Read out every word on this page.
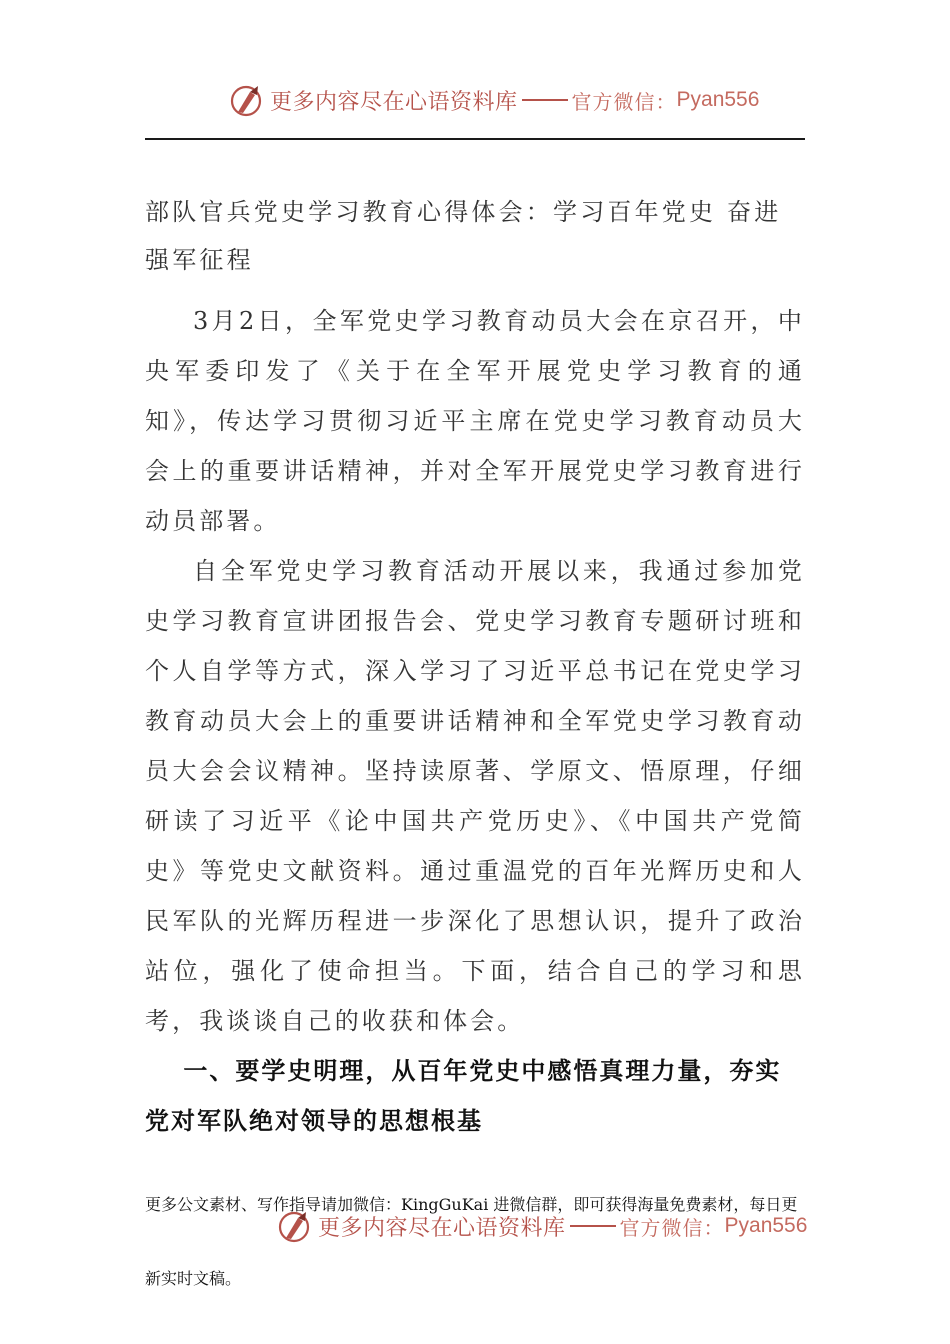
更多内容尽在心语资料库	官方微信： Pyan556
部队官兵党史学习教育心得体会：学习百年党史 奋进强军征程

3月2日，全军党史学习教育动员大会在京召开，中央军委印发了《关于在全军开展党史学习教育的通知》，传达学习贯彻习近平主席在党史学习教育动员大会上的重要讲话精神，并对全军开展党史学习教育进行动员部署。

自全军党史学习教育活动开展以来，我通过参加党史学习教育宣讲团报告会、党史学习教育专题研讨班和个人自学等方式，深入学习了习近平总书记在党史学习教育动员大会上的重要讲话精神和全军党史学习教育动员大会会议精神。坚持读原著、学原文、悟原理，仔细研读了习近平《论中国共产党历史》、《中国共产党简史》等党史文献资料。通过重温党的百年光辉历史和人民军队的光辉历程进一步深化了思想认识，提升了政治站位，强化了使命担当。下面，结合自己的学习和思考，我谈谈自己的收获和体会。

一、要学史明理，从百年党史中感悟真理力量，夯实党对军队绝对领导的思想根基

更多公文素材、写作指导请加微信：KingGuKai 进微信群，即可获得海量免费素材，每日更
新实时文稿。
更多内容尽在心语资料库	官方微信： Pyan556
